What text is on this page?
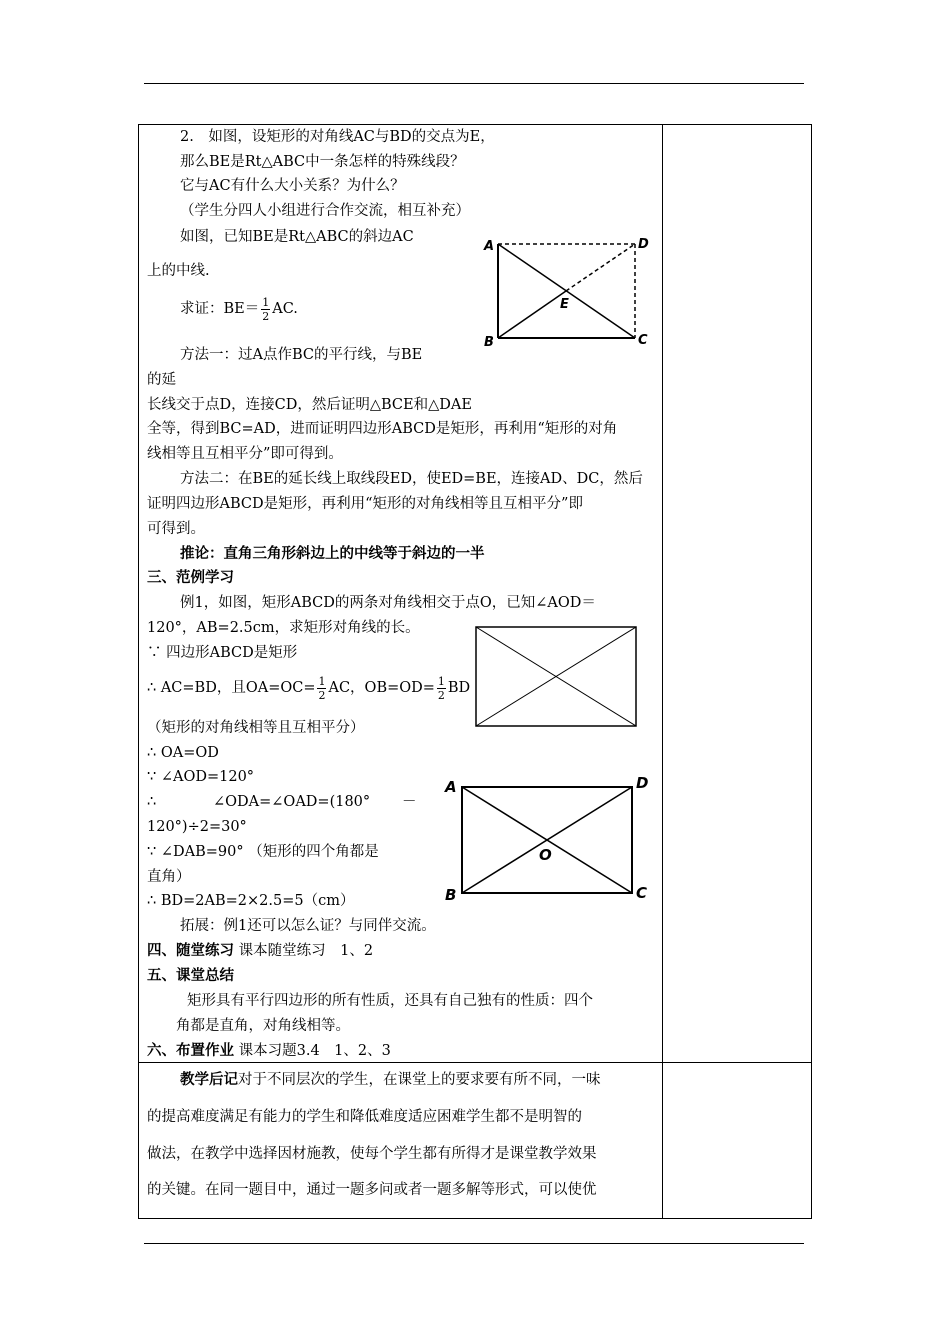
2.　如图，设矩形的对角线AC与BD的交点为E，
那么BE是Rt△ABC中一条怎样的特殊线段？
它与AC有什么大小关系？为什么？
（学生分四人小组进行合作交流，相互补充）
如图，已知BE是Rt△ABC的斜边AC
上的中线.
求证：$BE= \frac{1}{2}$ AC.
方法一：过A点作BC的平行线，与BE
的延
长线交于点D，连接CD，然后证明△BCE和△DAE
全等，得到BC=AD，进而证明四边形ABCD是矩形，再利用“矩形的对角
线相等且互相平分”即可得到。
方法二：在BE的延长线上取线段ED，使ED=BE，连接AD、DC，然后
证明四边形ABCD是矩形，再利用“矩形的对角线相等且互相平分”即
可得到。
推论：直角三角形斜边上的中线等于斜边的一半
三、范例学习
例1，如图，矩形ABCD的两条对角线相交于点O，已知∠AOD＝
120°，AB=2.5cm，求矩形对角线的长。
∵ 四边形ABCD是矩形
∴ AC=BD，且$OA=OC= \frac{1}{2}$ AC，$OB=OD= \frac{1}{2}$ BD
（矩形的对角线相等且互相平分）
∴ OA=OD
∵ ∠AOD=120°
∴	∠ODA=∠OAD=(180° －
120°)÷2=30°
∵ ∠DAB=90° （矩形的四个角都是
直角）
∴ BD=2AB=2×2.5=5（cm）
拓展：例1还可以怎么证？与同伴交流。
四、随堂练习 课本随堂练习　1、2
五、课堂总结
矩形具有平行四边形的所有性质，还具有自己独有的性质：四个
角都是直角，对角线相等。
六、布置作业 课本习题3.4　1、2、3
教学后记对于不同层次的学生，在课堂上的要求要有所不同，一味
的提高难度满足有能力的学生和降低难度适应困难学生都不是明智的
做法，在教学中选择因材施教，使每个学生都有所得才是课堂教学效果
的关键。在同一题目中，通过一题多问或者一题多解等形式，可以使优
A	D
E
B	C
A	D
O
B	C
